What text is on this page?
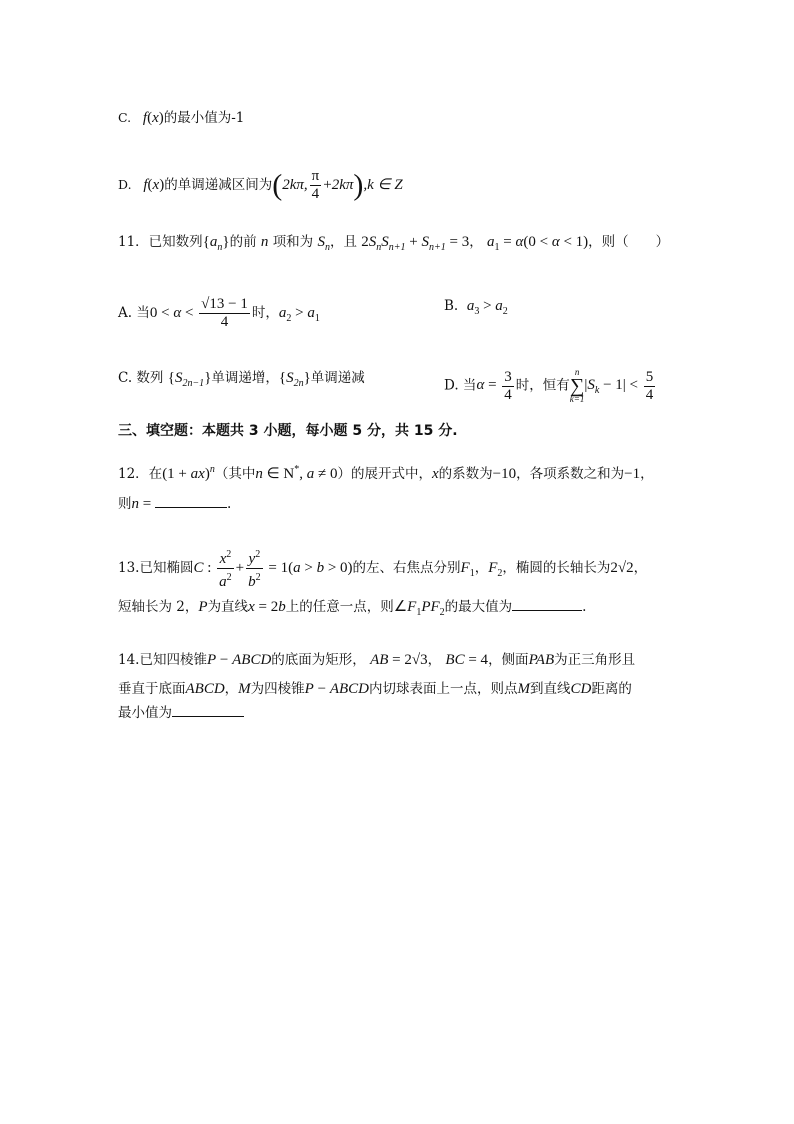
C.   f(x)的最小值为-1
D.   f(x)的单调递减区间为(2kπ, $\frac{\pi}{4} +2k\pi),k$ ∈ Z
11．已知数列$\{a_n\}$的前 n 项和为 $S_n$，且 $2S_nS_{n+1} + S_{n+1} = 3$， $a_1 = \alpha(0 < \alpha < 1)$，则（　　）
A. 当$0 < \alpha < \frac{√13 - 1}{4}$ 时，$a_2 > a_1$
B. $a_3 > a_2$
C. 数列 $\{S_{2n-1}\}$单调递增，$\{S_{2n}\}$单调递减	D. 当$\alpha = \frac{3}{4}$ 时，恒有
n
∑
k=1
$|S_k - 1| < \frac{5}{4}$
三、填空题：本题共 3 小题，每小题 5 分，共 15 分.
12．在(1 + ax)$^n$（其中n ∈ N*, a ≠ 0）的展开式中，x的系数为−10，各项系数之和为−1，
则n =	.
13.已知椭圆C : $\frac{x^2}{a^2} + \frac{y^2}{b^2} = 1(a > b > 0)$的左、右焦点分别$F_1$，$F_2$，椭圆的长轴长为2√2，
短轴长为 2，P为直线x = 2b上的任意一点，则$\angle F_1PF_2$的最大值为	.
14.已知四棱锥P − ABCD的底面为矩形， AB = 2√3， BC = 4，侧面PAB为正三角形且
垂直于底面ABCD，M为四棱锥P − ABCD内切球表面上一点，则点M到直线CD距离的
最小值为
